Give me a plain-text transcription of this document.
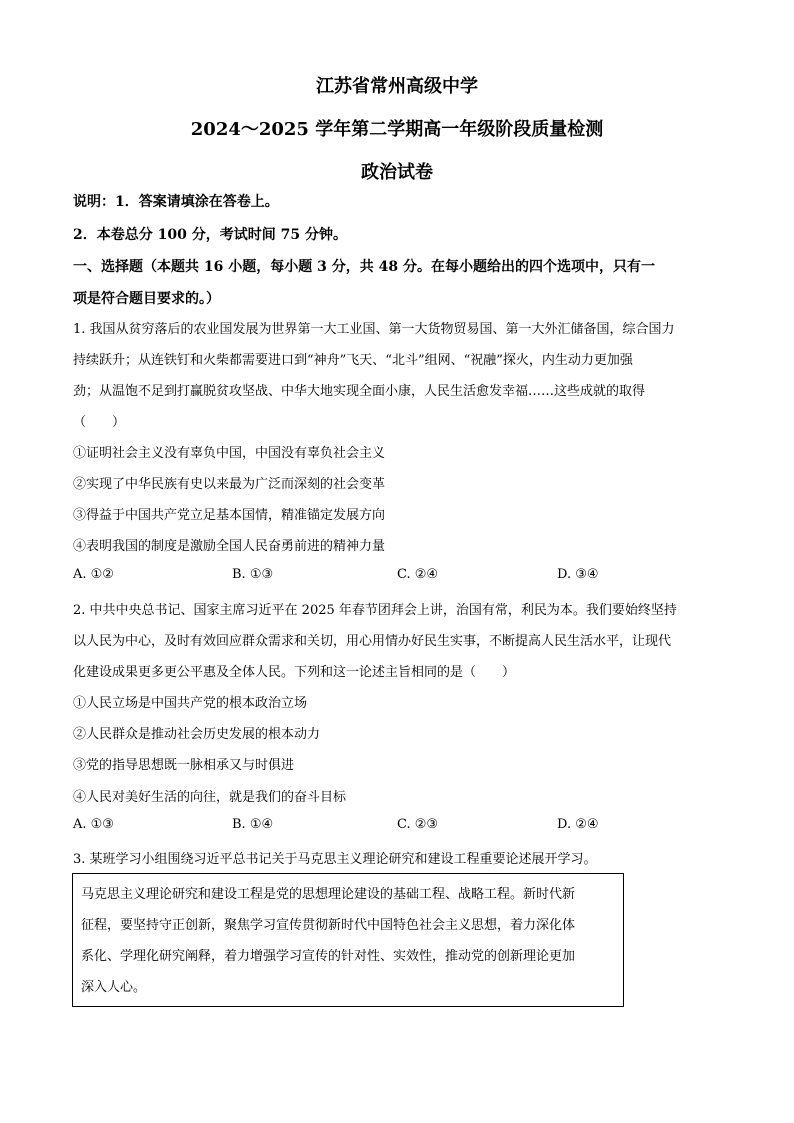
江苏省常州高级中学
2024～2025 学年第二学期高一年级阶段质量检测
政治试卷
说明：1．答案请填涂在答卷上。
2．本卷总分 100 分，考试时间 75 分钟。
一、选择题（本题共 16 小题，每小题 3 分，共 48 分。在每小题给出的四个选项中，只有一
项是符合题目要求的。）
1. 我国从贫穷落后的农业国发展为世界第一大工业国、第一大货物贸易国、第一大外汇储备国，综合国力
持续跃升；从连铁钉和火柴都需要进口到“神舟”飞天、“北斗”组网、“祝融”探火，内生动力更加强
劲；从温饱不足到打赢脱贫攻坚战、中华大地实现全面小康，人民生活愈发幸福……这些成就的取得
（　　）
①证明社会主义没有辜负中国，中国没有辜负社会主义
②实现了中华民族有史以来最为广泛而深刻的社会变革
③得益于中国共产党立足基本国情，精准锚定发展方向
④表明我国的制度是激励全国人民奋勇前进的精神力量
A. ①②	B. ①③	C. ②④	D. ③④
2. 中共中央总书记、国家主席习近平在 2025 年春节团拜会上讲，治国有常，利民为本。我们要始终坚持
以人民为中心，及时有效回应群众需求和关切，用心用情办好民生实事，不断提高人民生活水平，让现代
化建设成果更多更公平惠及全体人民。下列和这一论述主旨相同的是（　　）
①人民立场是中国共产党的根本政治立场
②人民群众是推动社会历史发展的根本动力
③党的指导思想既一脉相承又与时俱进
④人民对美好生活的向往，就是我们的奋斗目标
A. ①③	B. ①④	C. ②③	D. ②④
3. 某班学习小组围绕习近平总书记关于马克思主义理论研究和建设工程重要论述展开学习。
马克思主义理论研究和建设工程是党的思想理论建设的基础工程、战略工程。新时代新
征程，要坚持守正创新，聚焦学习宣传贯彻新时代中国特色社会主义思想，着力深化体
系化、学理化研究阐释，着力增强学习宣传的针对性、实效性，推动党的创新理论更加
深入人心。
